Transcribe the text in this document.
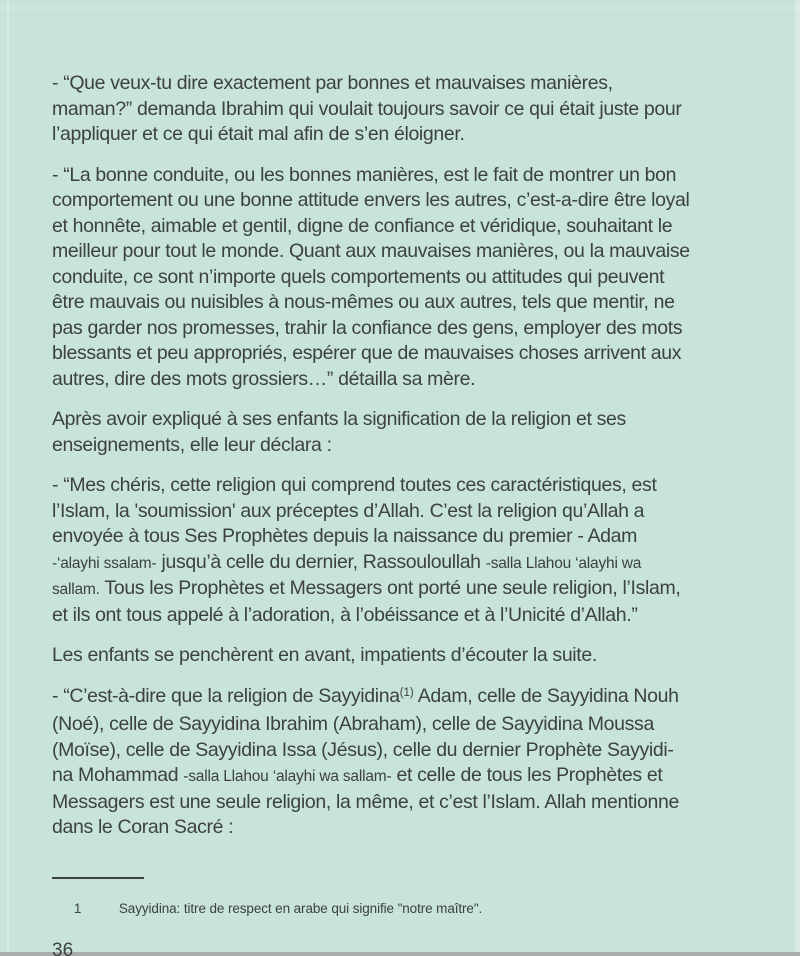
- “Que veux-tu dire exactement par bonnes et mauvaises manières,
maman?” demanda Ibrahim qui voulait toujours savoir ce qui était juste pour
l’appliquer et ce qui était mal afin de s’en éloigner.
- “La bonne conduite, ou les bonnes manières, est le fait de montrer un bon
comportement ou une bonne attitude envers les autres, c’est-a-dire être loyal
et honnête, aimable et gentil, digne de confiance et véridique, souhaitant le
meilleur pour tout le monde. Quant aux mauvaises manières, ou la mauvaise
conduite, ce sont n’importe quels comportements ou attitudes qui peuvent
être mauvais ou nuisibles à nous-mêmes ou aux autres, tels que mentir, ne
pas garder nos promesses, trahir la confiance des gens, employer des mots
blessants et peu appropriés, espérer que de mauvaises choses arrivent aux
autres, dire des mots grossiers…” détailla sa mère.
Après avoir expliqué à ses enfants la signification de la religion et ses
enseignements, elle leur déclara :
- “Mes chéris, cette religion qui comprend toutes ces caractéristiques, est
l’Islam, la 'soumission' aux préceptes d’Allah. C’est la religion qu’Allah a
envoyée à tous Ses Prophètes depuis la naissance du premier - Adam
-‘alayhi ssalam- jusqu’à celle du dernier, Rassouloullah -salla Llahou ‘alayhi wa
sallam. Tous les Prophètes et Messagers ont porté une seule religion, l’Islam,
et ils ont tous appelé à l’adoration, à l’obéissance et à l’Unicité d’Allah.”
Les enfants se penchèrent en avant, impatients d’écouter la suite.
- “C’est-à-dire que la religion de Sayyidina$^{(1)}$ Adam, celle de Sayyidina Nouh
(Noé), celle de Sayyidina Ibrahim (Abraham), celle de Sayyidina Moussa
(Moïse), celle de Sayyidina Issa (Jésus), celle du dernier Prophète Sayyidi-
na Mohammad -salla Llahou ‘alayhi wa sallam- et celle de tous les Prophètes et
Messagers est une seule religion, la même, et c’est l’Islam. Allah mentionne
dans le Coran Sacré :

1	Sayyidina: titre de respect en arabe qui signifie "notre maître".

36
